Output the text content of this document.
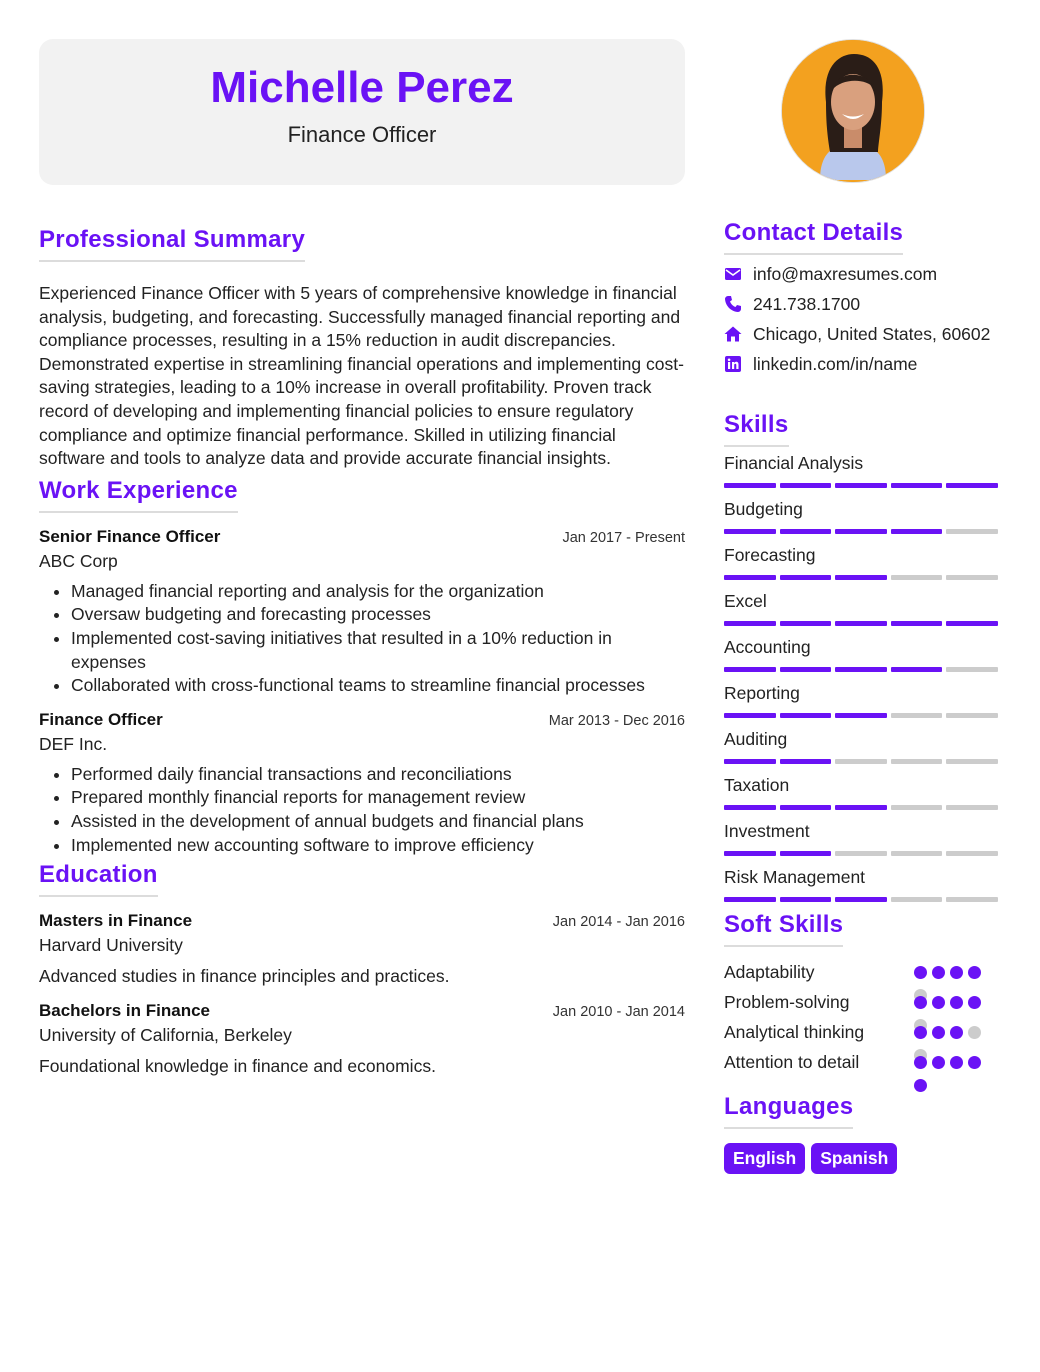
Michelle Perez
Finance Officer
Professional Summary
Experienced Finance Officer with 5 years of comprehensive knowledge in financial analysis, budgeting, and forecasting. Successfully managed financial reporting and compliance processes, resulting in a 15% reduction in audit discrepancies. Demonstrated expertise in streamlining financial operations and implementing cost-saving strategies, leading to a 10% increase in overall profitability. Proven track record of developing and implementing financial policies to ensure regulatory compliance and optimize financial performance. Skilled in utilizing financial software and tools to analyze data and provide accurate financial insights.
Work Experience
Senior Finance Officer	Jan 2017 - Present
ABC Corp
• Managed financial reporting and analysis for the organization
• Oversaw budgeting and forecasting processes
• Implemented cost-saving initiatives that resulted in a 10% reduction in expenses
• Collaborated with cross-functional teams to streamline financial processes
Finance Officer	Mar 2013 - Dec 2016
DEF Inc.
• Performed daily financial transactions and reconciliations
• Prepared monthly financial reports for management review
• Assisted in the development of annual budgets and financial plans
• Implemented new accounting software to improve efficiency
Education
Masters in Finance	Jan 2014 - Jan 2016
Harvard University
Advanced studies in finance principles and practices.
Bachelors in Finance	Jan 2010 - Jan 2014
University of California, Berkeley
Foundational knowledge in finance and economics.
Contact Details
info@maxresumes.com
241.738.1700
Chicago, United States, 60602
linkedin.com/in/name
Skills
Financial Analysis
Budgeting
Forecasting
Excel
Accounting
Reporting
Auditing
Taxation
Investment
Risk Management
Soft Skills
Adaptability
Problem-solving
Analytical thinking
Attention to detail
Languages
English	Spanish
